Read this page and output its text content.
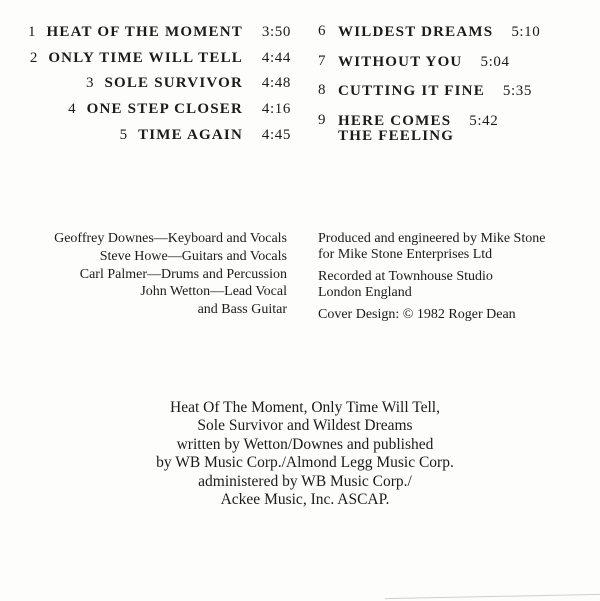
1 HEAT OF THE MOMENT	3:50
2 ONLY TIME WILL TELL	4:44
3 SOLE SURVIVOR	4:48
4 ONE STEP CLOSER	4:16
5 TIME AGAIN	4:45
6 WILDEST DREAMS 5:10
7 WITHOUT YOU 5:04
8 CUTTING IT FINE 5:35
9 HERE COMES 5:42
THE FEELING
Geoffrey Downes—Keyboard and Vocals
Steve Howe—Guitars and Vocals
Carl Palmer—Drums and Percussion
John Wetton—Lead Vocal
and Bass Guitar
Produced and engineered by Mike Stone
for Mike Stone Enterprises Ltd
Recorded at Townhouse Studio
London England
Cover Design: © 1982 Roger Dean
Heat Of The Moment, Only Time Will Tell,
Sole Survivor and Wildest Dreams
written by Wetton/Downes and published
by WB Music Corp./Almond Legg Music Corp.
administered by WB Music Corp./
Ackee Music, Inc. ASCAP.
